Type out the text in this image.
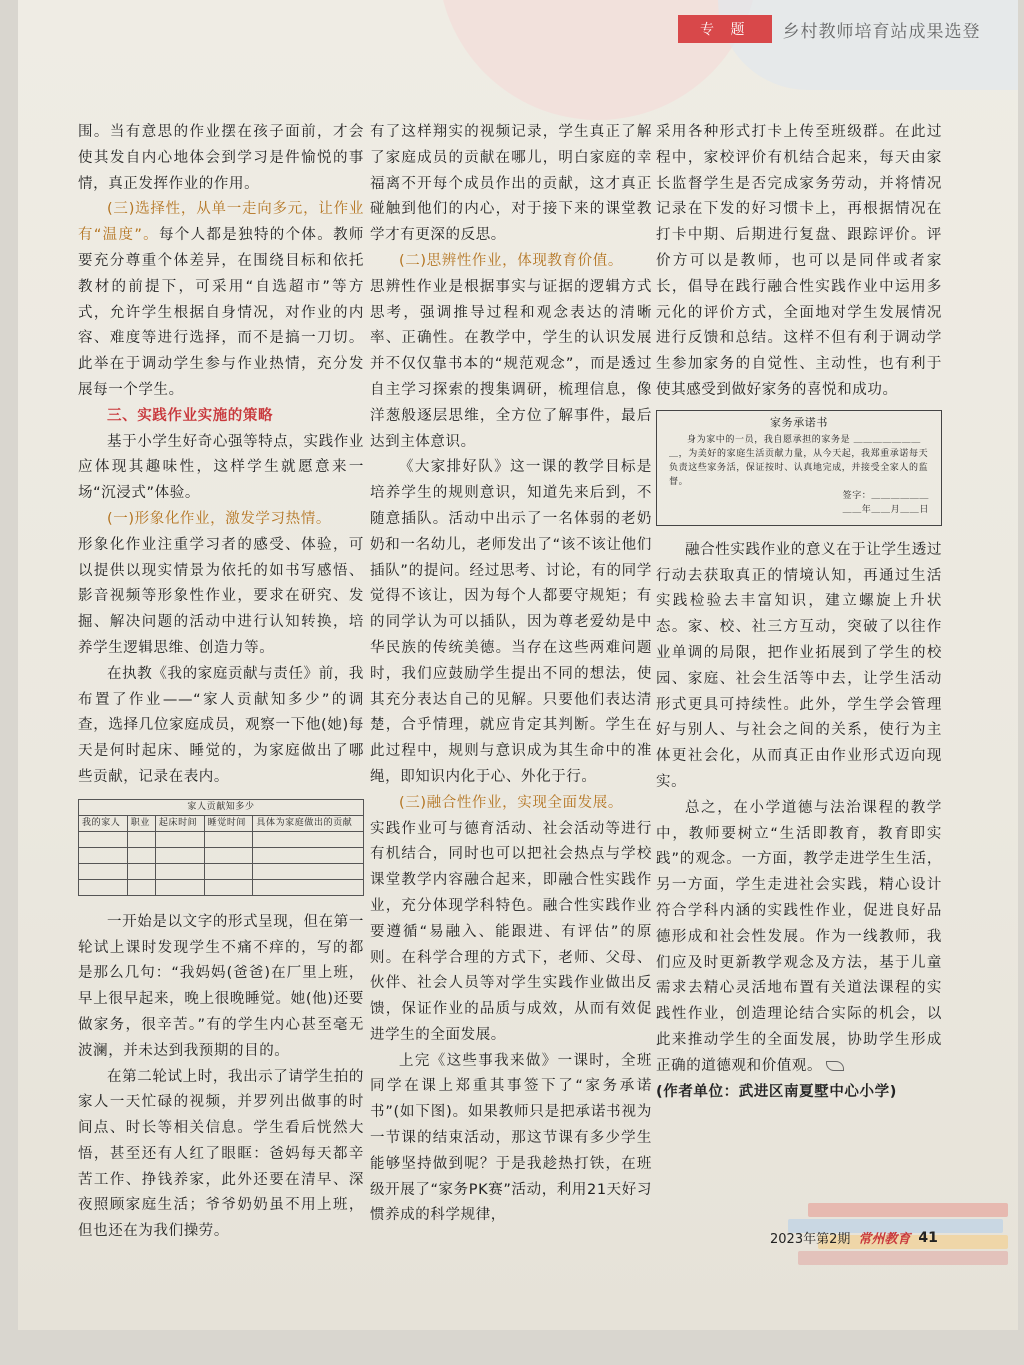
专 题	乡村教师培育站成果选登

围。当有意思的作业摆在孩子面前，才会使其发自内心地体会到学习是件愉悦的事情，真正发挥作业的作用。

(三)选择性，从单一走向多元，让作业有“温度”。每个人都是独特的个体。教师要充分尊重个体差异，在围绕目标和依托教材的前提下，可采用“自选超市”等方式，允许学生根据自身情况，对作业的内容、难度等进行选择，而不是搞一刀切。此举在于调动学生参与作业热情，充分发展每一个学生。

三、实践作业实施的策略

基于小学生好奇心强等特点，实践作业应体现其趣味性，这样学生就愿意来一场“沉浸式”体验。

(一)形象化作业，激发学习热情。

形象化作业注重学习者的感受、体验，可以提供以现实情景为依托的如书写感悟、影音视频等形象性作业，要求在研究、发掘、解决问题的活动中进行认知转换，培养学生逻辑思维、创造力等。

在执教《我的家庭贡献与责任》前，我布置了作业——“家人贡献知多少”的调查，选择几位家庭成员，观察一下他(她)每天是何时起床、睡觉的，为家庭做出了哪些贡献，记录在表内。

家人贡献知多少				
我的家人	职业	起床时间	睡觉时间	具体为家庭做出的贡献

一开始是以文字的形式呈现，但在第一轮试上课时发现学生不痛不痒的，写的都是那么几句：“我妈妈(爸爸)在厂里上班，早上很早起来，晚上很晚睡觉。她(他)还要做家务，很辛苦。”有的学生内心甚至毫无波澜，并未达到我预期的目的。

在第二轮试上时，我出示了请学生拍的家人一天忙碌的视频，并罗列出做事的时间点、时长等相关信息。学生看后恍然大悟，甚至还有人红了眼眶：爸妈每天都辛苦工作、挣钱养家，此外还要在清早、深夜照顾家庭生活；爷爷奶奶虽不用上班，但也还在为我们操劳。

有了这样翔实的视频记录，学生真正了解了家庭成员的贡献在哪儿，明白家庭的幸福离不开每个成员作出的贡献，这才真正碰触到他们的内心，对于接下来的课堂教学才有更深的反思。

(二)思辨性作业，体现教育价值。

思辨性作业是根据事实与证据的逻辑方式思考，强调推导过程和观念表达的清晰率、正确性。在教学中，学生的认识发展并不仅仅靠书本的“规范观念”，而是透过自主学习探索的搜集调研，梳理信息，像洋葱般逐层思维，全方位了解事件，最后达到主体意识。

《大家排好队》这一课的教学目标是培养学生的规则意识，知道先来后到，不随意插队。活动中出示了一名体弱的老奶奶和一名幼儿，老师发出了“该不该让他们插队”的提问。经过思考、讨论，有的同学觉得不该让，因为每个人都要守规矩；有的同学认为可以插队，因为尊老爱幼是中华民族的传统美德。当存在这些两难问题时，我们应鼓励学生提出不同的想法，使其充分表达自己的见解。只要他们表达清楚，合乎情理，就应肯定其判断。学生在此过程中，规则与意识成为其生命中的准绳，即知识内化于心、外化于行。

(三)融合性作业，实现全面发展。

实践作业可与德育活动、社会活动等进行有机结合，同时也可以把社会热点与学校课堂教学内容融合起来，即融合性实践作业，充分体现学科特色。融合性实践作业要遵循“易融入、能跟进、有评估”的原则。在科学合理的方式下，老师、父母、伙伴、社会人员等对学生实践作业做出反馈，保证作业的品质与成效，从而有效促进学生的全面发展。

上完《这些事我来做》一课时，全班同学在课上郑重其事签下了“家务承诺书”(如下图)。如果教师只是把承诺书视为一节课的结束活动，那这节课有多少学生能够坚持做到呢？于是我趁热打铁，在班级开展了“家务PK赛”活动，利用21天好习惯养成的科学规律，

采用各种形式打卡上传至班级群。在此过程中，家校评价有机结合起来，每天由家长监督学生是否完成家务劳动，并将情况记录在下发的好习惯卡上，再根据情况在打卡中期、后期进行复盘、跟踪评价。评价方可以是教师，也可以是同伴或者家长，倡导在践行融合性实践作业中运用多元化的评价方式，全面地对学生发展情况进行反馈和总结。这样不但有利于调动学生参加家务的自觉性、主动性，也有利于使其感受到做好家务的喜悦和成功。

家务承诺书
身为家中的一员，我自愿承担的家务是 ＿＿＿＿＿＿＿＿，为美好的家庭生活贡献力量，从今天起，我郑重承诺每天负责这些家务活，保证按时、认真地完成，并接受全家人的监督。
签字：＿＿＿＿＿＿
＿＿年＿＿月＿＿日

融合性实践作业的意义在于让学生透过行动去获取真正的情境认知，再通过生活实践检验去丰富知识，建立螺旋上升状态。家、校、社三方互动，突破了以往作业单调的局限，把作业拓展到了学生的校园、家庭、社会生活等中去，让学生活动形式更具可持续性。此外，学生学会管理好与别人、与社会之间的关系，使行为主体更社会化，从而真正由作业形式迈向现实。

总之，在小学道德与法治课程的教学中，教师要树立“生活即教育，教育即实践”的观念。一方面，教学走进学生生活，另一方面，学生走进社会实践，精心设计符合学科内涵的实践性作业，促进良好品德形成和社会性发展。作为一线教师，我们应及时更新教学观念及方法，基于儿童需求去精心灵活地布置有关道法课程的实践性作业，创造理论结合实际的机会，以此来推动学生的全面发展，协助学生形成正确的道德观和价值观。

(作者单位：武进区南夏墅中心小学)

2023年第2期 常州教育 41
